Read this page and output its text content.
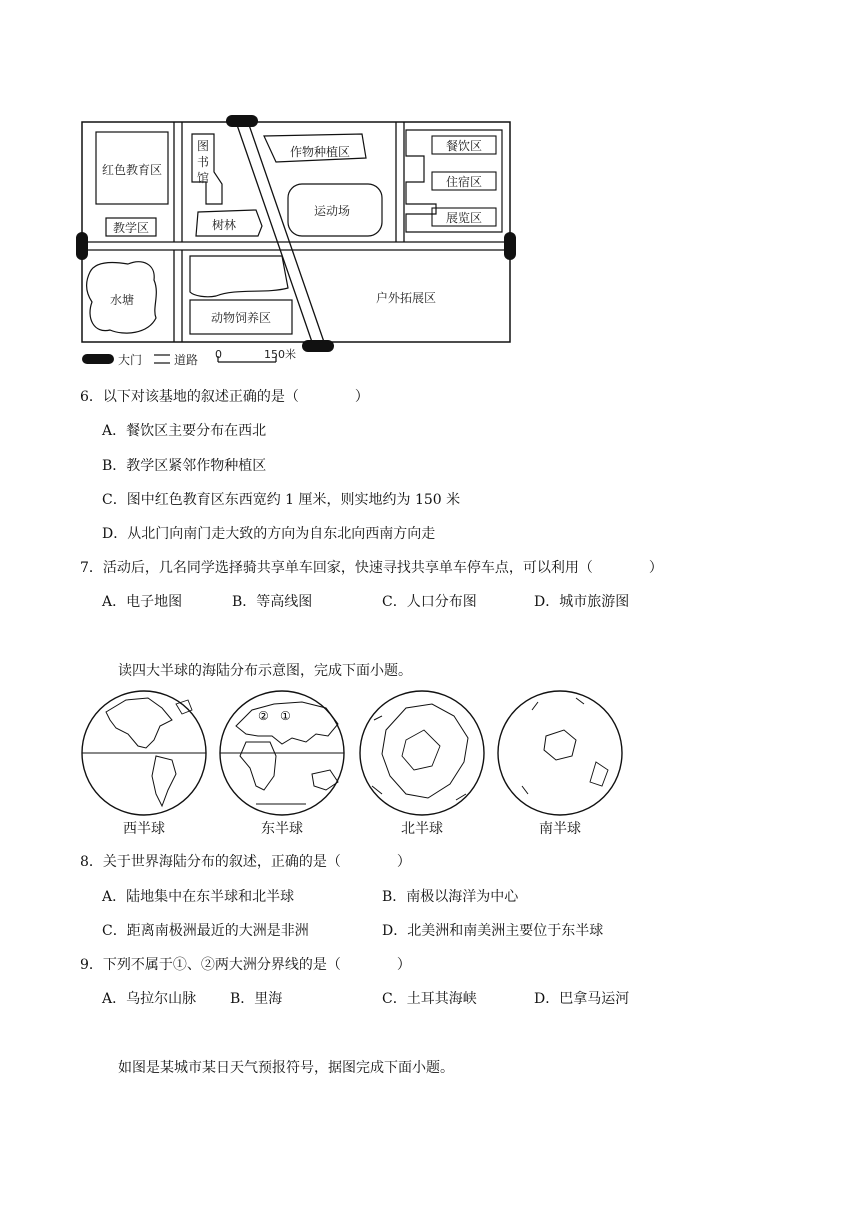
红色教育区
教学区
图
书
馆
树林
作物种植区
运动场
餐饮区
住宿区
展览区
水塘
动物饲养区
户外拓展区
大门	道路 0	150米
6．以下对该基地的叙述正确的是（　　　　）
A．餐饮区主要分布在西北
B．教学区紧邻作物种植区
C．图中红色教育区东西宽约 1 厘米，则实地约为 150 米
D．从北门向南门走大致的方向为自东北向西南方向走
7．活动后，几名同学选择骑共享单车回家，快速寻找共享单车停车点，可以利用（　　　　）
A．电子地图	B．等高线图	C．人口分布图	D．城市旅游图
读四大半球的海陆分布示意图，完成下面小题。
② ①
西半球	东半球	北半球	南半球
8．关于世界海陆分布的叙述，正确的是（　　　　）
A．陆地集中在东半球和北半球	B．南极以海洋为中心
C．距离南极洲最近的大洲是非洲	D．北美洲和南美洲主要位于东半球
9．下列不属于①、②两大洲分界线的是（　　　　）
A．乌拉尔山脉 B．里海	C．土耳其海峡	D．巴拿马运河
如图是某城市某日天气预报符号，据图完成下面小题。
